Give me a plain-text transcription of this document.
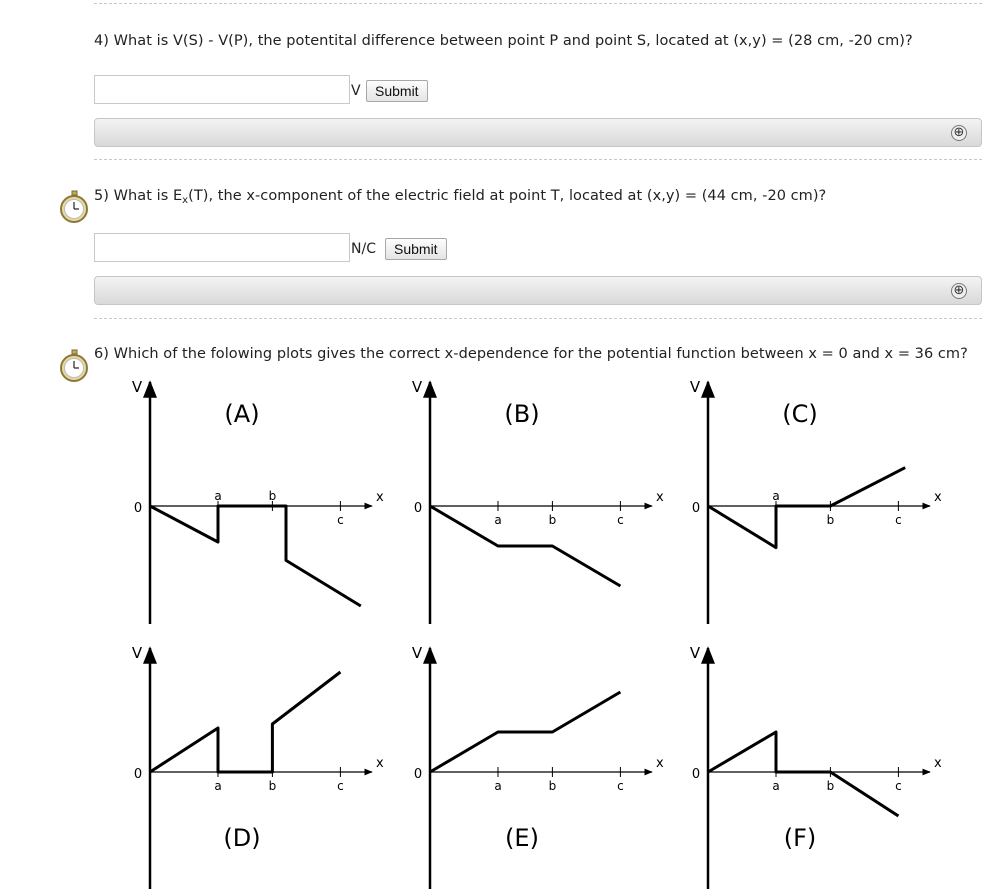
4) What is V(S) - V(P), the potentital difference between point P and point S, located at (x,y) = (28 cm, -20 cm)?
V	Submit
⊕
5) What is $E_x(T)$, the x-component of the electric field at point T, located at (x,y) = (44 cm, -20 cm)?
N/C	Submit
⊕
6) Which of the folowing plots gives the correct x-dependence for the potential function between x = 0 and x = 36 cm?
V
x
0
a	b
c
(A)
V
x
0
a	b	c
(B)
V
x
0
a
b	c
(C)
V
x
0
a	b	c
(D)
V
x
0
a	b	c
(E)
V
x
0
a	b	c
(F)
